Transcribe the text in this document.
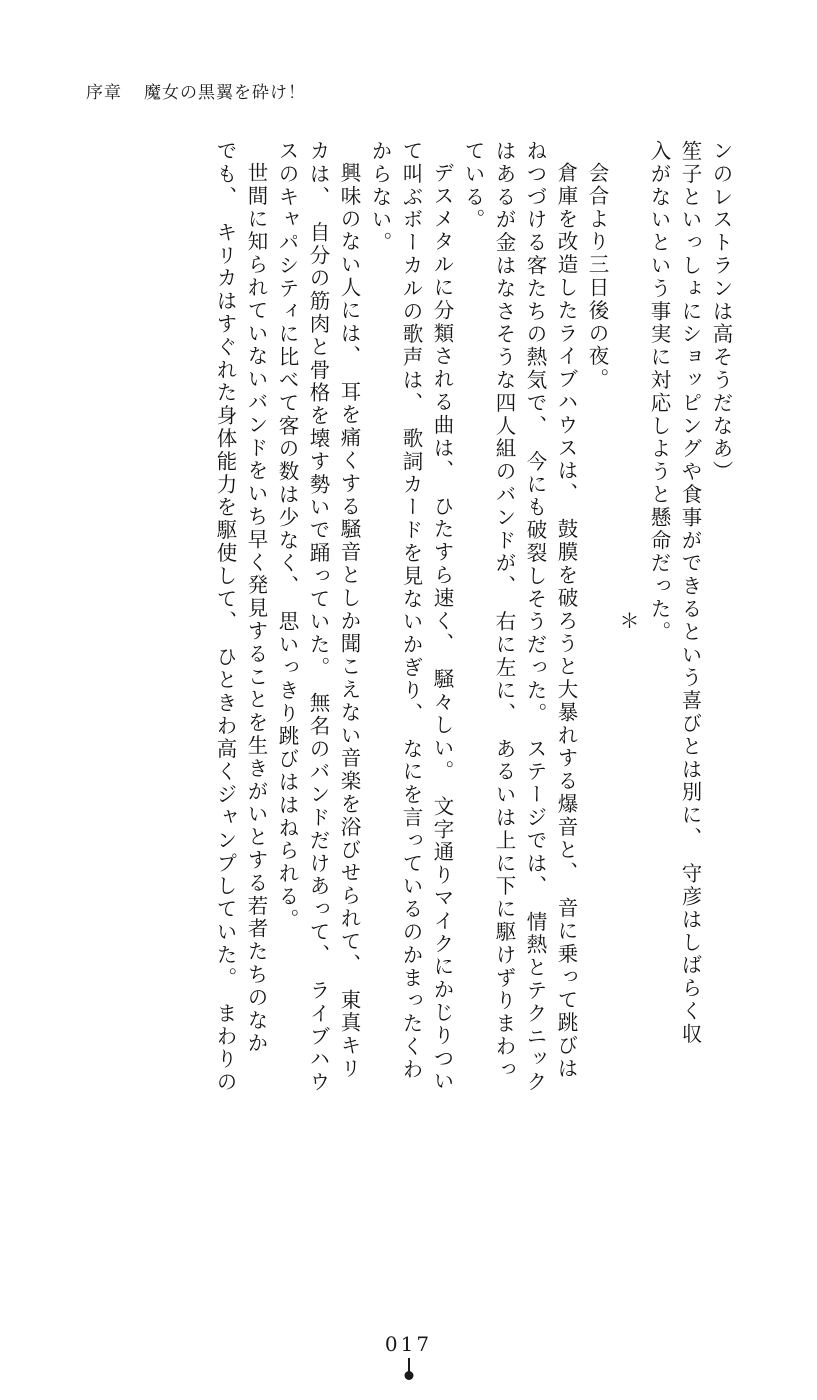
序章 魔女の黒翼を砕け！
ンのレストランは高そうだなあ）
笙子といっしょにショッピングや食事ができるという喜びとは別に、　守彦はしばらく収
入がないという事実に対応しようと懸命だった。
＊
会合より三日後の夜。
倉庫を改造したライブハウスは、　鼓膜を破ろうと大暴れする爆音と、　音に乗って跳びは
ねつづける客たちの熱気で、　今にも破裂しそうだった。　ステージでは、　情熱とテクニック
はあるが金はなさそうな四人組のバンドが、　右に左に、　あるいは上に下に駆けずりまわっ
ている。
デスメタルに分類される曲は、　ひたすら速く、　騒々しい。　文字通りマイクにかじりつい
て叫ぶボーカルの歌声は、　歌詞カードを見ないかぎり、　なにを言っているのかまったくわ
からない。
興味のない人には、　耳を痛くする騒音としか聞こえない音楽を浴びせられて、　東真キリ
カは、　自分の筋肉と骨格を壊す勢いで踊っていた。　無名のバンドだけあって、　ライブハウ
スのキャパシティに比べて客の数は少なく、　思いっきり跳びははねられる。
世間に知られていないバンドをいち早く発見することを生きがいとする若者たちのなか
でも、　キリカはすぐれた身体能力を駆使して、　ひときわ高くジャンプしていた。　まわりの
017
